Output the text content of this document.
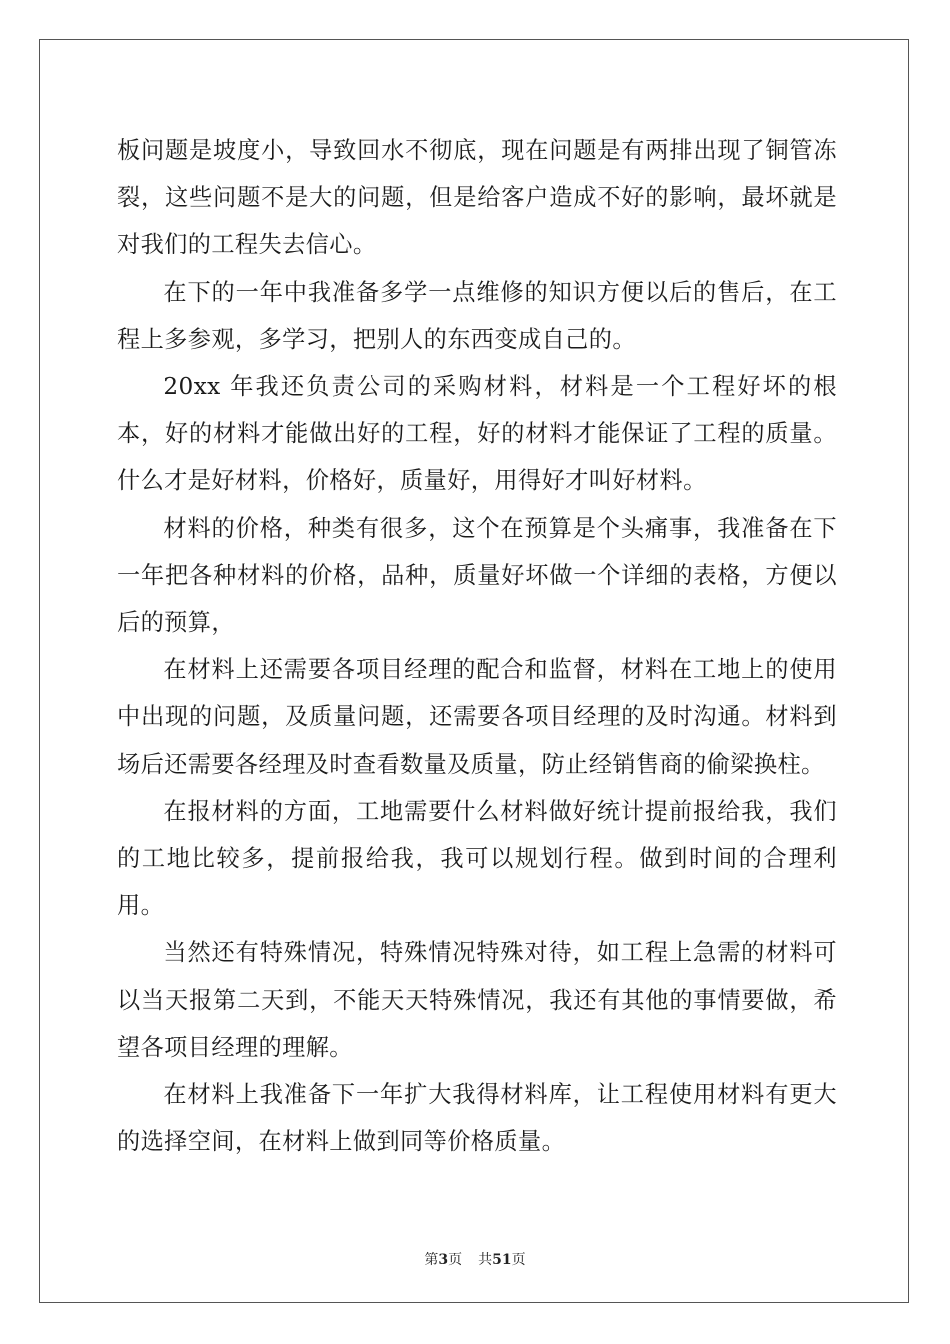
板问题是坡度小，导致回水不彻底，现在问题是有两排出现了铜管冻裂，这些问题不是大的问题，但是给客户造成不好的影响，最坏就是对我们的工程失去信心。

在下的一年中我准备多学一点维修的知识方便以后的售后，在工程上多参观，多学习，把别人的东西变成自己的。

20xx 年我还负责公司的采购材料，材料是一个工程好坏的根本，好的材料才能做出好的工程，好的材料才能保证了工程的质量。什么才是好材料，价格好，质量好，用得好才叫好材料。

材料的价格，种类有很多，这个在预算是个头痛事，我准备在下一年把各种材料的价格，品种，质量好坏做一个详细的表格，方便以后的预算，

在材料上还需要各项目经理的配合和监督，材料在工地上的使用中出现的问题，及质量问题，还需要各项目经理的及时沟通。材料到场后还需要各经理及时查看数量及质量，防止经销售商的偷梁换柱。

在报材料的方面，工地需要什么材料做好统计提前报给我，我们的工地比较多，提前报给我，我可以规划行程。做到时间的合理利用。

当然还有特殊情况，特殊情况特殊对待，如工程上急需的材料可以当天报第二天到，不能天天特殊情况，我还有其他的事情要做，希望各项目经理的理解。

在材料上我准备下一年扩大我得材料库，让工程使用材料有更大的选择空间，在材料上做到同等价格质量。

第3页 共51页
